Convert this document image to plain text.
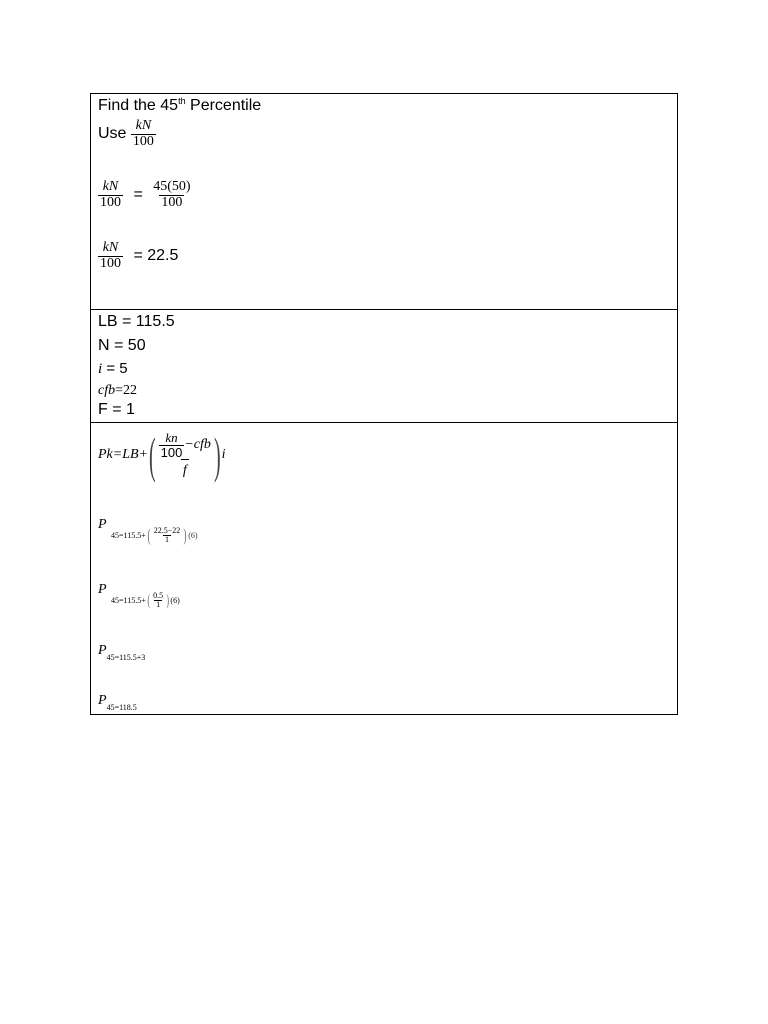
Find the 45th Percentile
Use $\frac{kN}{100}$
$\frac{kN}{100} = \frac{45(50)}{100}$
$\frac{kN}{100} = 22.5$
LB = 115.5
N = 50
i = 5
cfb=22
F = 1
Pk=LB+ ( $\frac{\frac{kn}{100} -cfb}{f}$ ) i
P
45=115.5+ ( $\frac{22.5-22}{1}$ ) (6)
P
45=115.5+ ( $\frac{0.5}{1}$ ) (6)
$P_{45=115.5+3}$
$P_{45=118.5}$
